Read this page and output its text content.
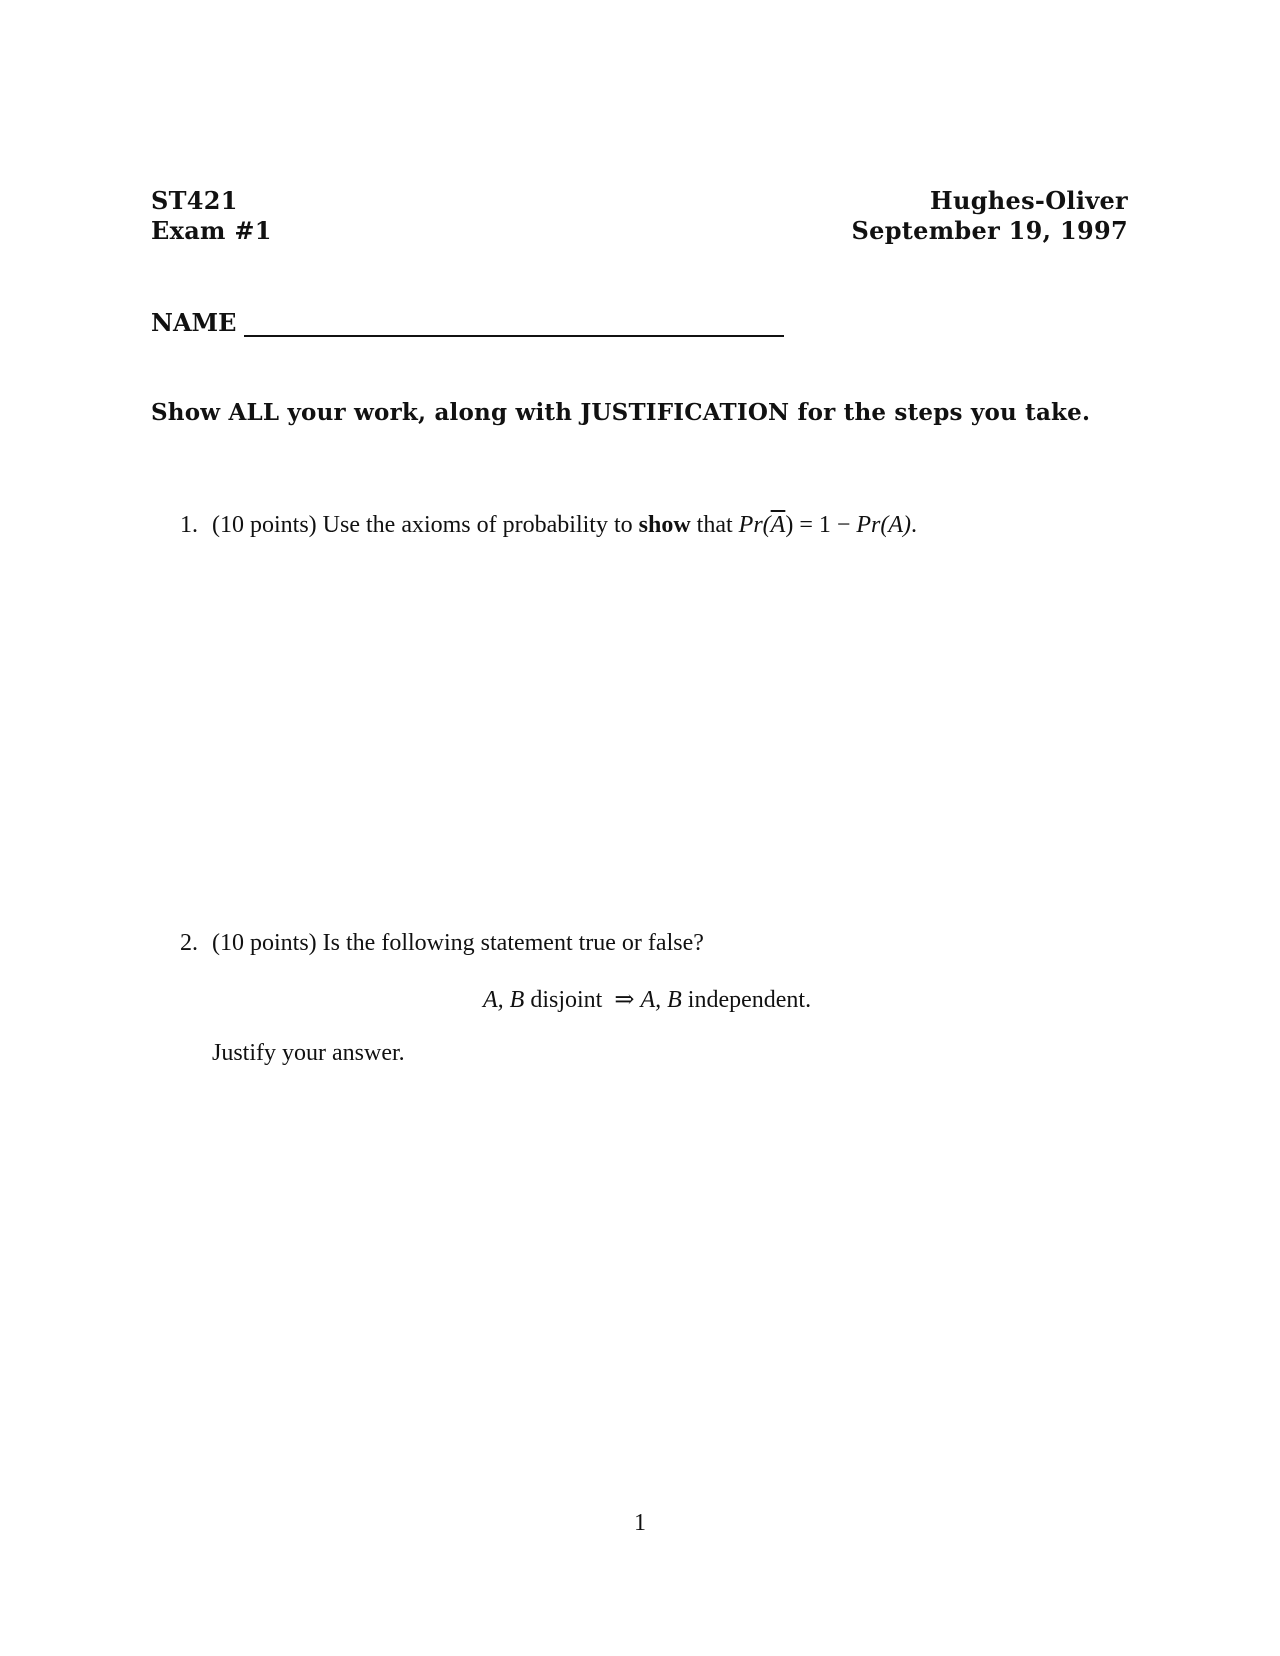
ST421
Exam #1
Hughes-Oliver
September 19, 1997
NAME
Show ALL your work, along with JUSTIFICATION for the steps you take.
1. (10 points) Use the axioms of probability to show that $Pr(\overline{A}) = 1 - Pr(A)$.
2. (10 points) Is the following statement true or false?
A, B disjoint  ⇒ A, B independent.
Justify your answer.
1
